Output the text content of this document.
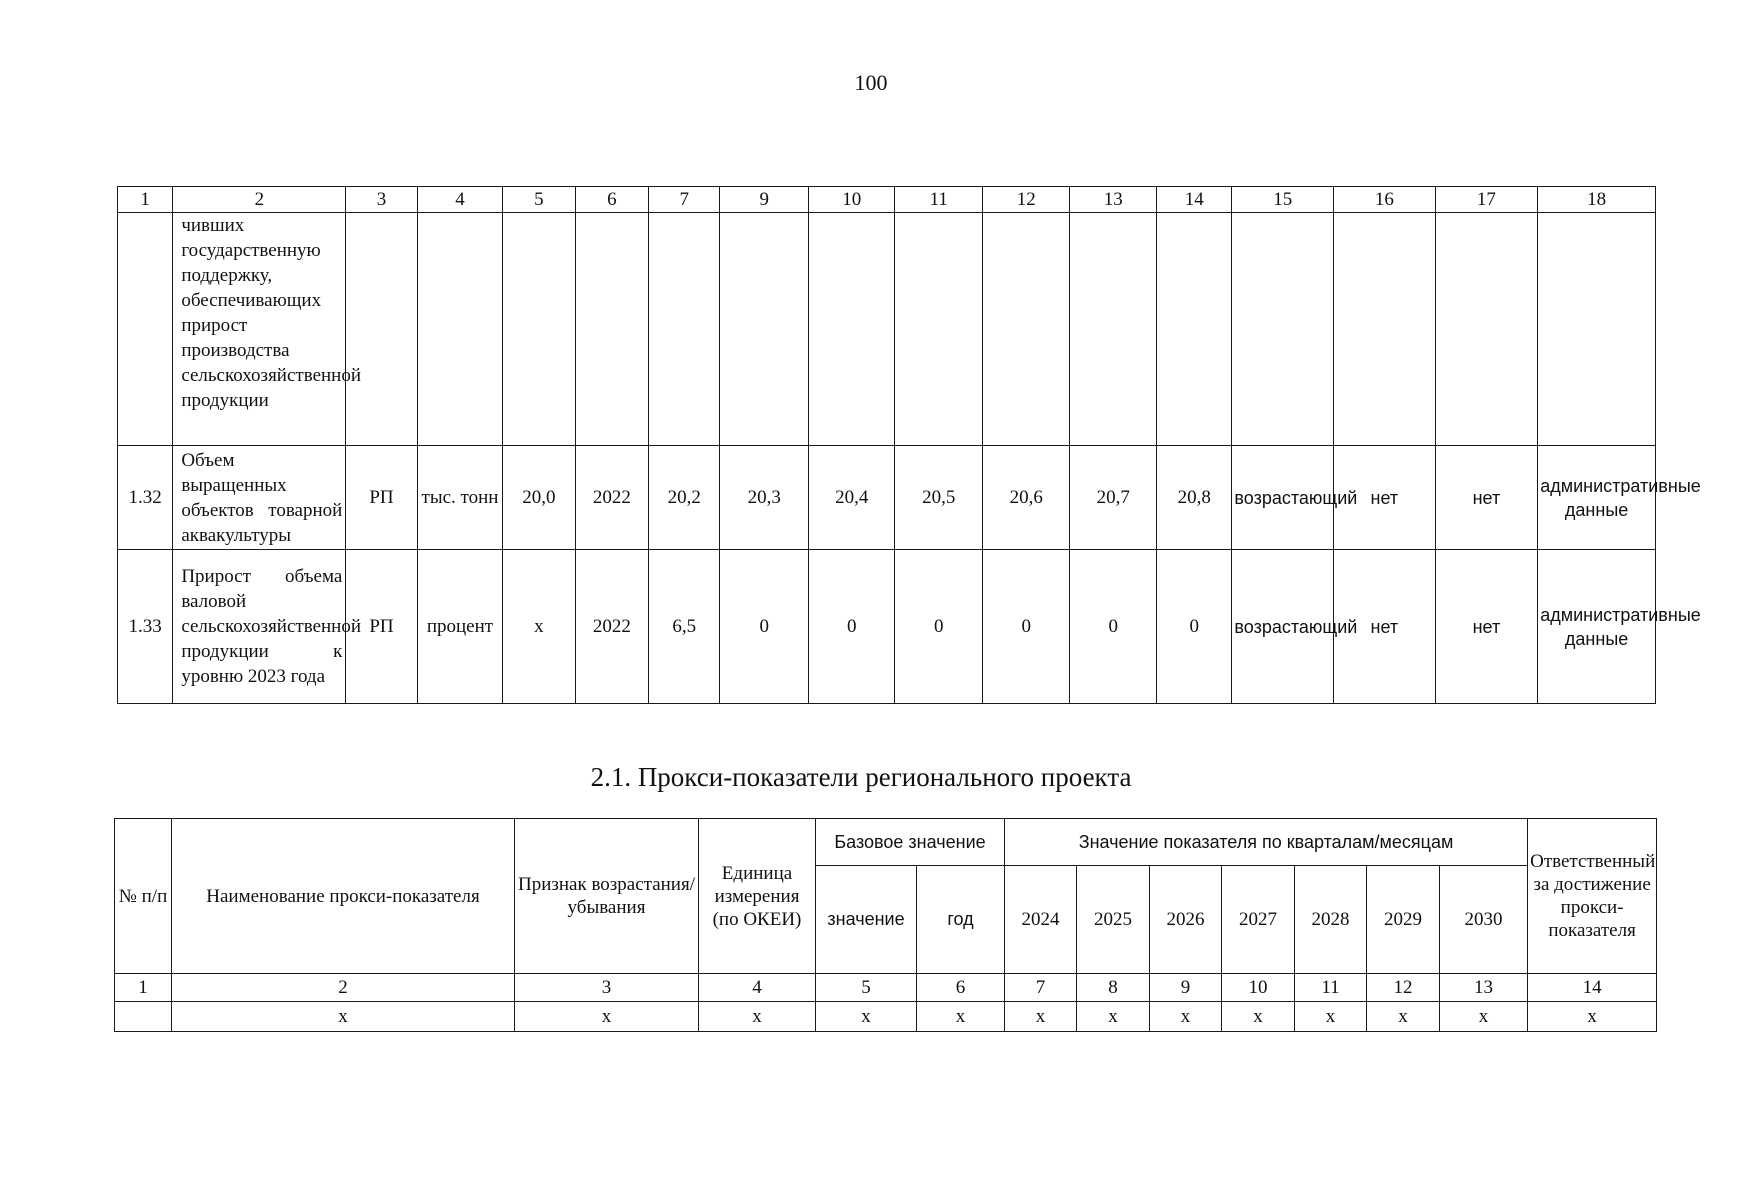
100
1	2	3	4	5	6	7	9	10	11	12	13	14	15	16	17	18
	чивших государственную поддержку, обеспечивающих прирост производства сельскохозяйственной продукции															
1.32	Объем выращенных объектов товарной аквакультуры	РП	тыс. тонн	20,0	2022	20,2	20,3	20,4	20,5	20,6	20,7	20,8	возрастающий	нет	нет	административные данные
1.33	Прирост объема валовой сельскохозяйственной продукции к уровню 2023 года	РП	процент	х	2022	6,5	0	0	0	0	0	0	возрастающий	нет	нет	административные данные
2.1. Прокси-показатели регионального проекта
№ п/п	Наименование прокси-показателя	Признак возрастания/убывания	Единица измерения (по ОКЕИ)	Базовое значение		Значение показателя по кварталам/месяцам							Ответственный за достижение прокси-показателя
				значение	год	2024	2025	2026	2027	2028	2029	2030	
1	2	3	4	5	6	7	8	9	10	11	12	13	14
	х	х	х	х	х	х	х	х	х	х	х	х	х
